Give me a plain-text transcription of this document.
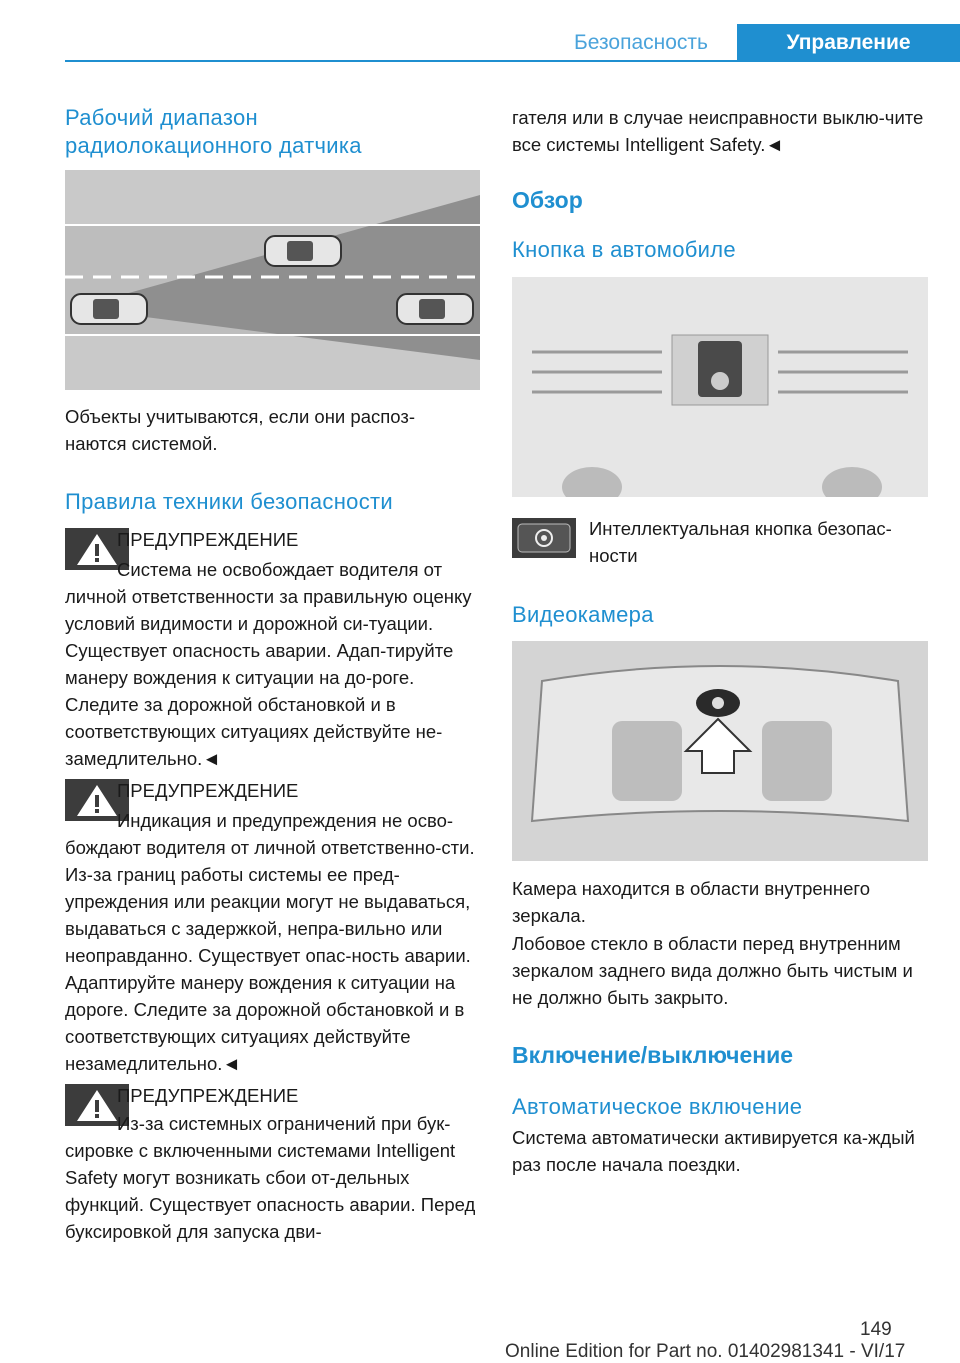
Безопасность	Управление
Рабочий диапазон радиолокационного датчика

Объекты учитываются, если они распоз-
наются системой.

Правила техники безопасности
ПРЕДУПРЕЖДЕНИЕ
Система не освобождает водителя от

личной ответственности за правильную оценку условий видимости и дорожной си-туации. Существует опасность аварии. Адап-тируйте манеру вождения к ситуации на до-роге. Следите за дорожной обстановкой и в соответствующих ситуациях действуйте не-замедлительно.◄

ПРЕДУПРЕЖДЕНИЕ
Индикация и предупреждения не осво-

бождают водителя от личной ответственно-сти. Из-за границ работы системы ее пред-упреждения или реакции могут не выдаваться, выдаваться с задержкой, непра-вильно или неоправданно. Существует опас-ность аварии. Адаптируйте манеру вождения к ситуации на дороге. Следите за дорожной обстановкой и в соответствующих ситуациях действуйте незамедлительно.◄

ПРЕДУПРЕЖДЕНИЕ
Из-за системных ограничений при бук-

сировке с включенными системами Intelligent Safety могут возникать сбои от-дельных функций. Существует опасность аварии. Перед буксировкой для запуска дви-

гателя или в случае неисправности выклю-чите все системы Intelligent Safety.◄

Обзор
Кнопка в автомобиле

Интеллектуальная кнопка безопас-ности

Видеокамера

Камера находится в области внутреннего зеркала.

Лобовое стекло в области перед внутренним зеркалом заднего вида должно быть чистым и не должно быть закрыто.

Включение/выключение
Автоматическое включение

Система автоматически активируется ка-ждый раз после начала поездки.

149
Online Edition for Part no. 01402981341 - VI/17
